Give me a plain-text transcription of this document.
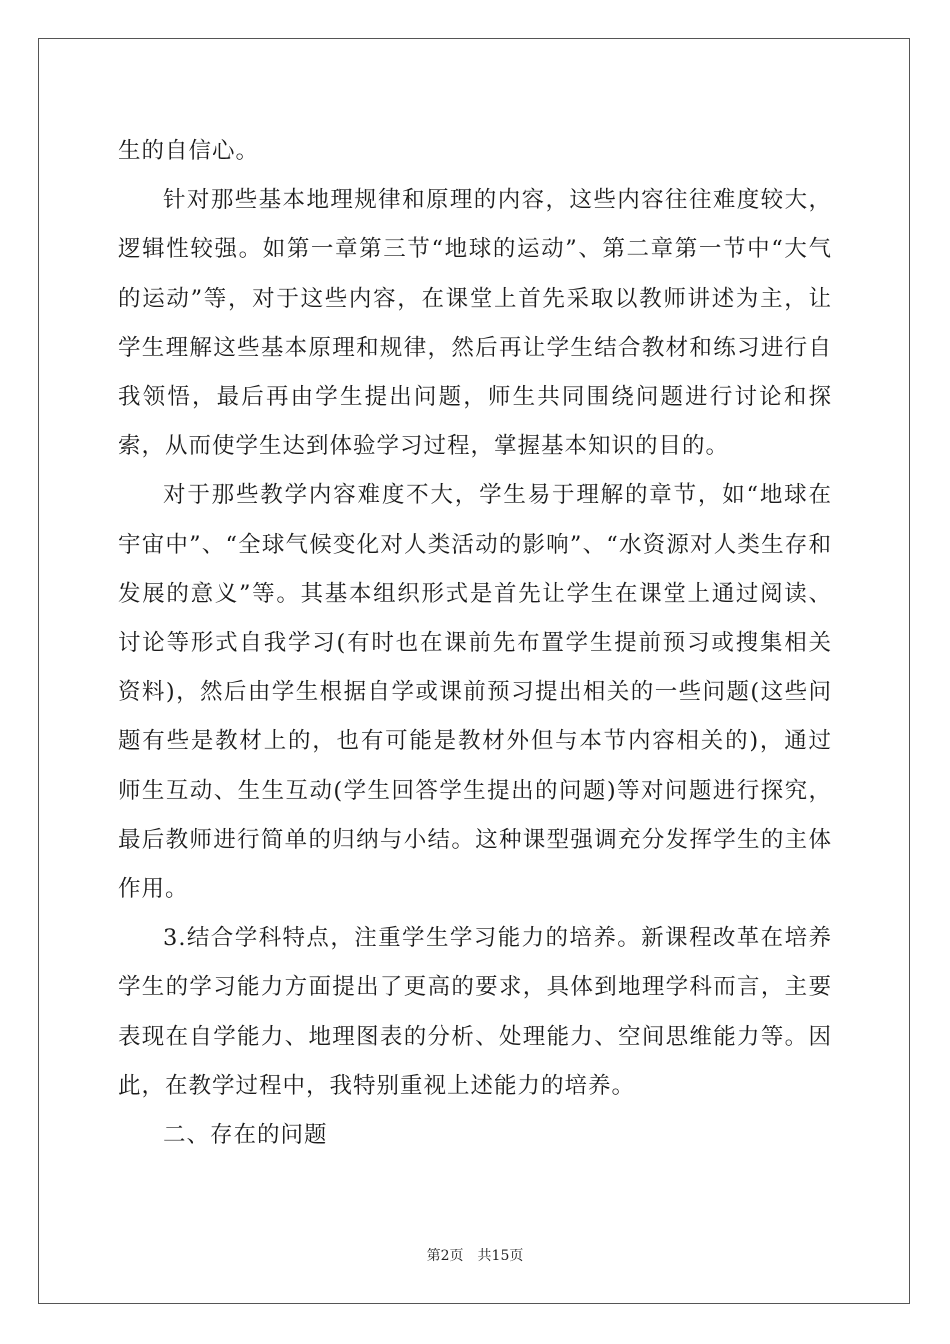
生的自信心。

针对那些基本地理规律和原理的内容，这些内容往往难度较大，逻辑性较强。如第一章第三节“地球的运动”、第二章第一节中“大气的运动”等，对于这些内容，在课堂上首先采取以教师讲述为主，让学生理解这些基本原理和规律，然后再让学生结合教材和练习进行自我领悟，最后再由学生提出问题，师生共同围绕问题进行讨论和探索，从而使学生达到体验学习过程，掌握基本知识的目的。

对于那些教学内容难度不大，学生易于理解的章节，如“地球在宇宙中”、“全球气候变化对人类活动的影响”、“水资源对人类生存和发展的意义”等。其基本组织形式是首先让学生在课堂上通过阅读、讨论等形式自我学习(有时也在课前先布置学生提前预习或搜集相关资料)，然后由学生根据自学或课前预习提出相关的一些问题(这些问题有些是教材上的，也有可能是教材外但与本节内容相关的)，通过师生互动、生生互动(学生回答学生提出的问题)等对问题进行探究，最后教师进行简单的归纳与小结。这种课型强调充分发挥学生的主体作用。

3.结合学科特点，注重学生学习能力的培养。新课程改革在培养学生的学习能力方面提出了更高的要求，具体到地理学科而言，主要表现在自学能力、地理图表的分析、处理能力、空间思维能力等。因此，在教学过程中，我特别重视上述能力的培养。

二、存在的问题

第2页　共15页
